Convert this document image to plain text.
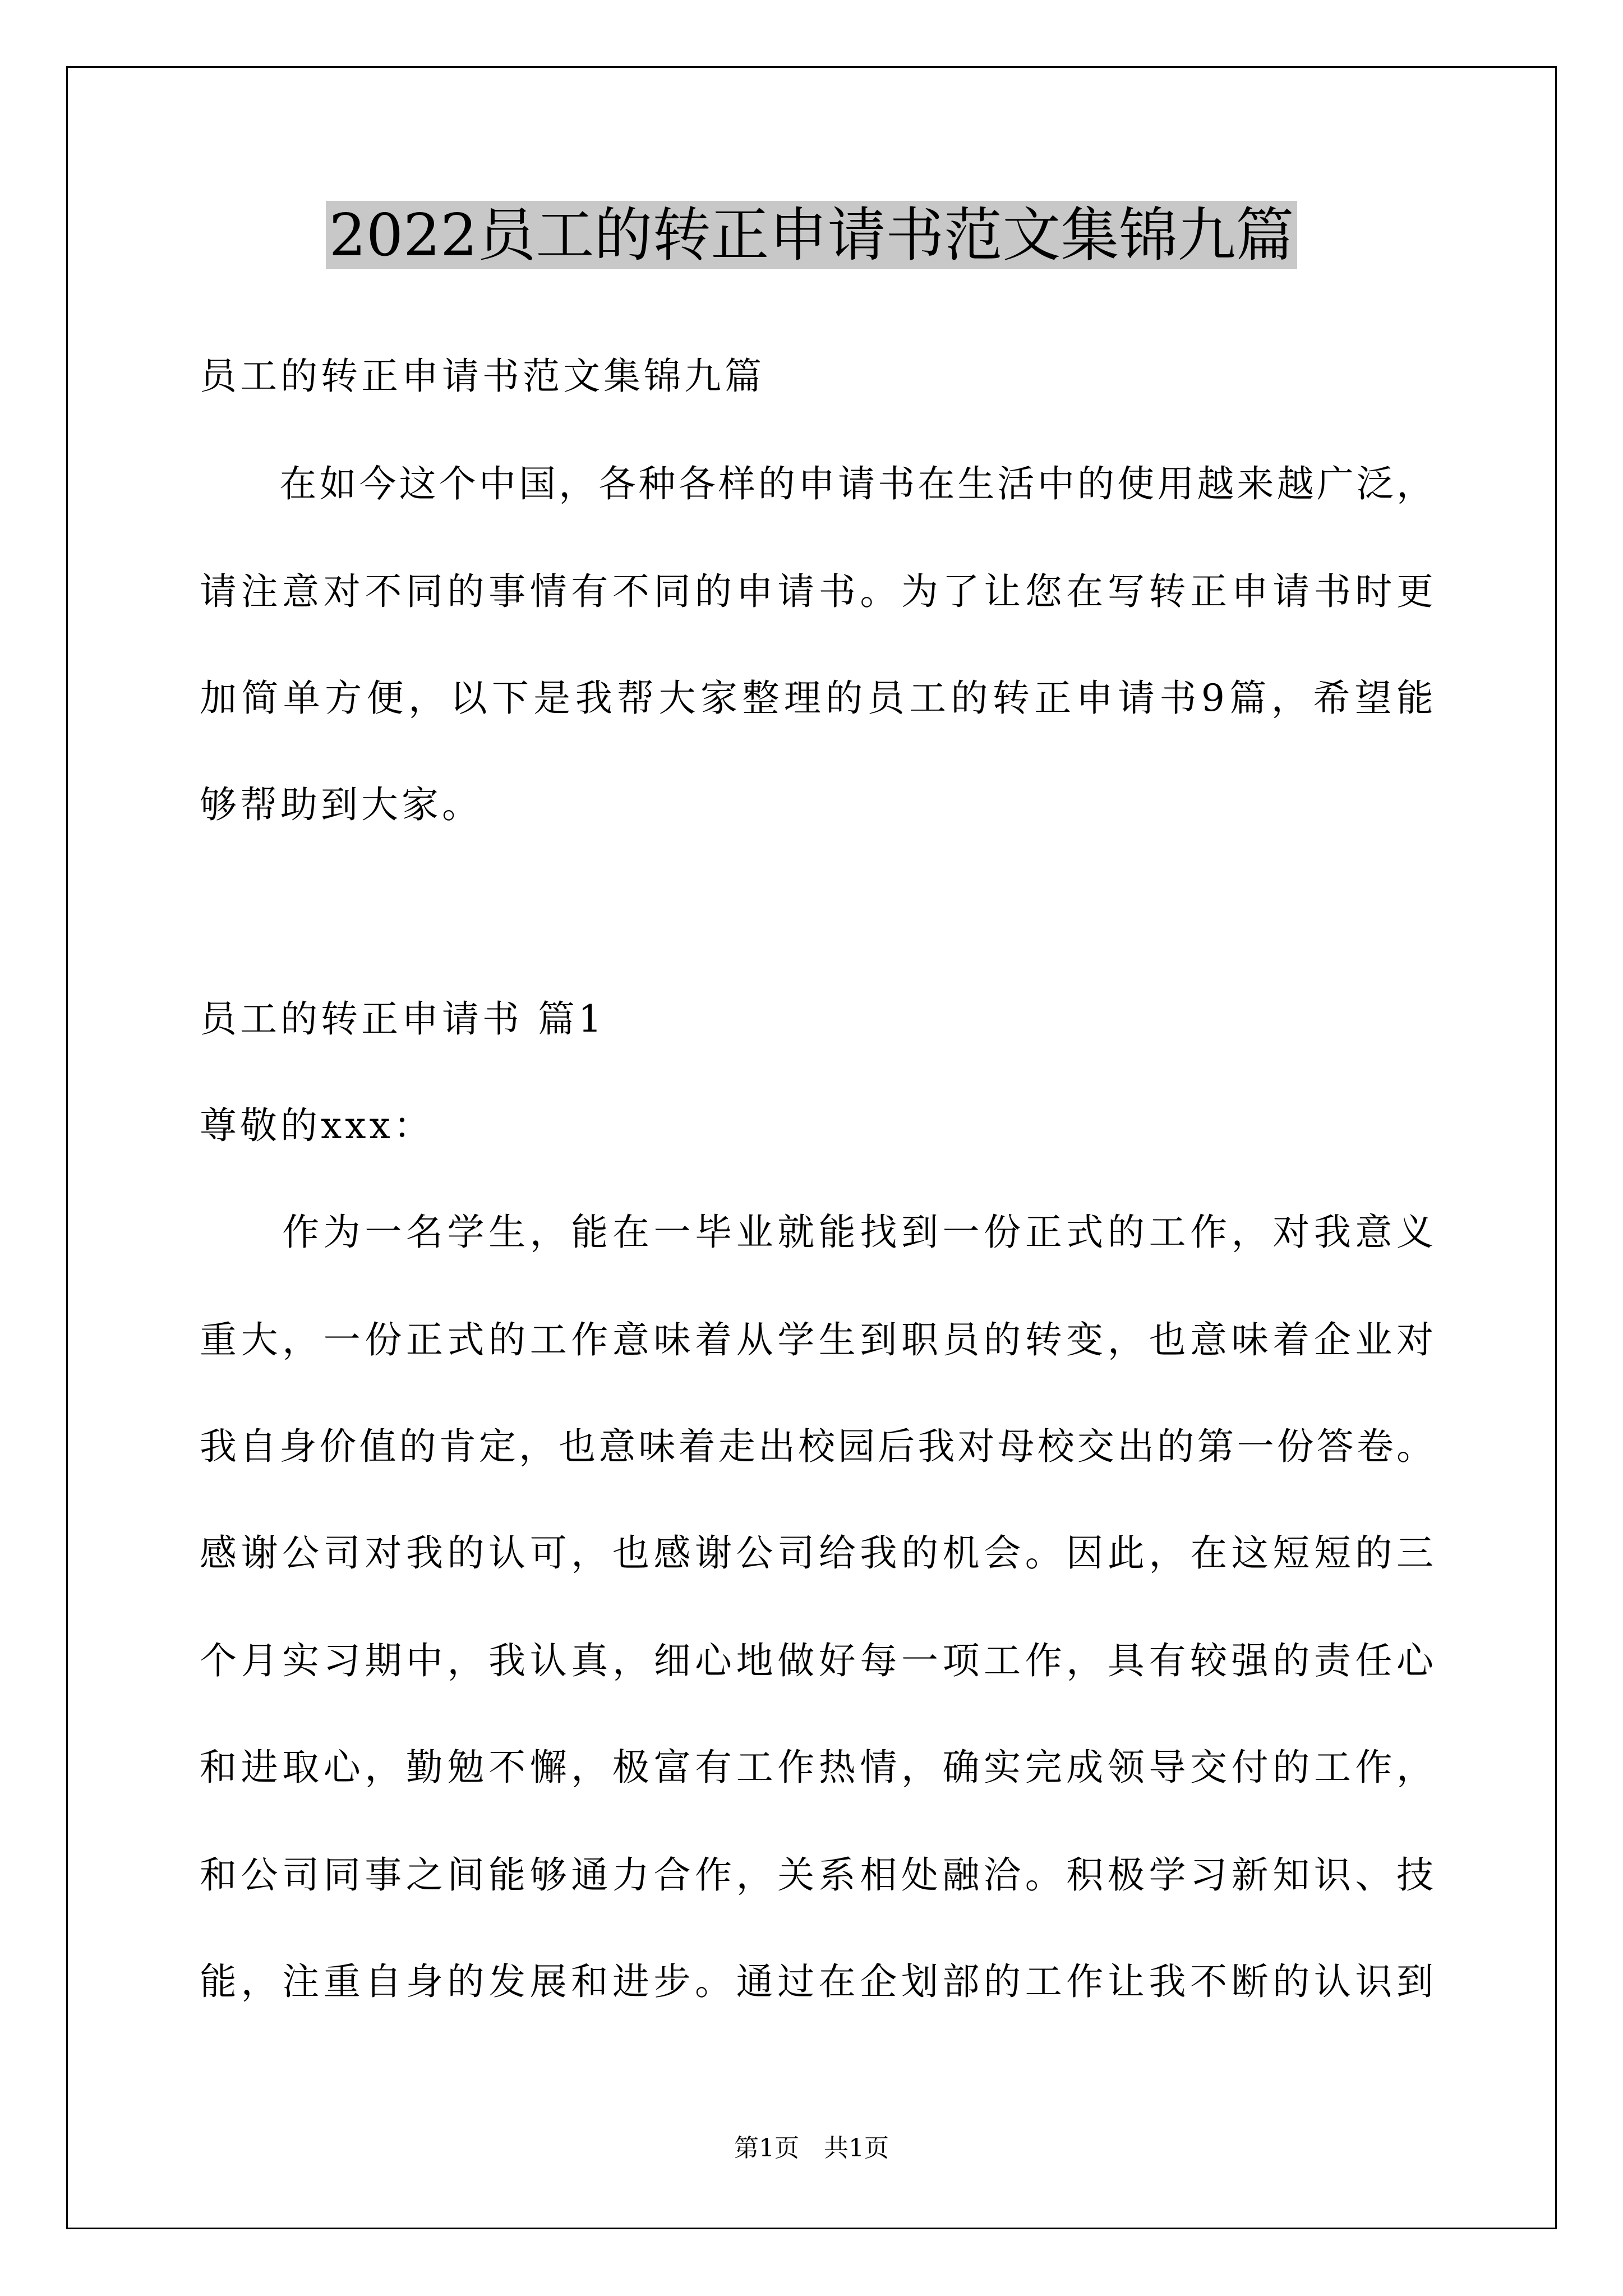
2022员工的转正申请书范文集锦九篇
员工的转正申请书范文集锦九篇
　　在如今这个中国，各种各样的申请书在生活中的使用越来越广泛，
请注意对不同的事情有不同的申请书。为了让您在写转正申请书时更
加简单方便，以下是我帮大家整理的员工的转正申请书9篇，希望能
够帮助到大家。
员工的转正申请书 篇1
尊敬的xxx：
　　作为一名学生，能在一毕业就能找到一份正式的工作，对我意义
重大，一份正式的工作意味着从学生到职员的转变，也意味着企业对
我自身价值的肯定，也意味着走出校园后我对母校交出的第一份答卷。
感谢公司对我的认可，也感谢公司给我的机会。因此，在这短短的三
个月实习期中，我认真，细心地做好每一项工作，具有较强的责任心
和进取心，勤勉不懈，极富有工作热情，确实完成领导交付的工作，
和公司同事之间能够通力合作，关系相处融洽。积极学习新知识、技
能，注重自身的发展和进步。通过在企划部的工作让我不断的认识到
第1页　共1页
